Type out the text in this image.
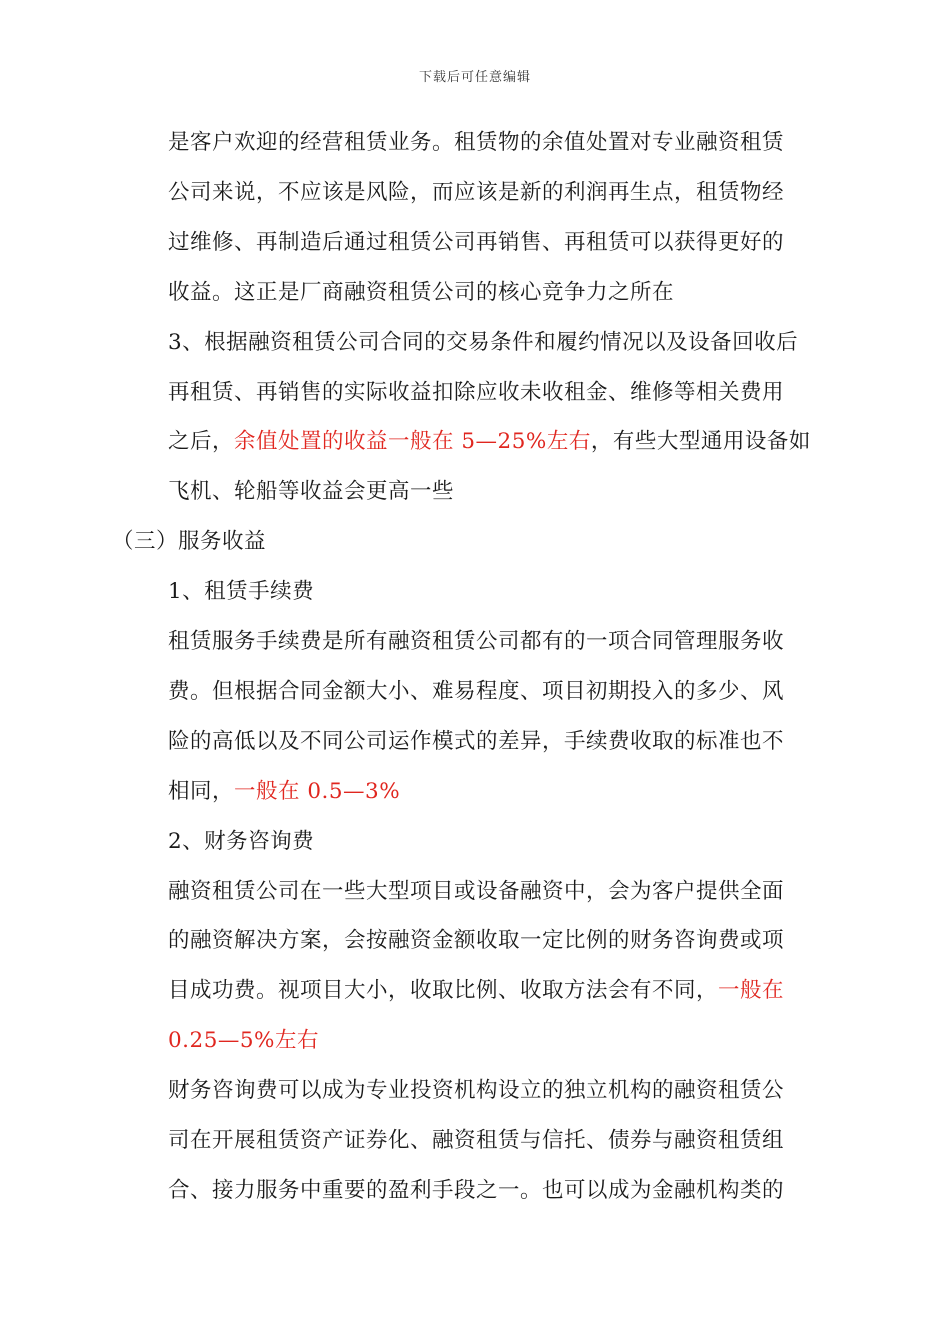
下载后可任意编辑
是客户欢迎的经营租赁业务。租赁物的余值处置对专业融资租赁
公司来说，不应该是风险，而应该是新的利润再生点，租赁物经
过维修、再制造后通过租赁公司再销售、再租赁可以获得更好的
收益。这正是厂商融资租赁公司的核心竞争力之所在
3、根据融资租赁公司合同的交易条件和履约情况以及设备回收后
再租赁、再销售的实际收益扣除应收未收租金、维修等相关费用
之后，余值处置的收益一般在 5—25%左右，有些大型通用设备如
飞机、轮船等收益会更高一些
（三）服务收益
1、租赁手续费
租赁服务手续费是所有融资租赁公司都有的一项合同管理服务收
费。但根据合同金额大小、难易程度、项目初期投入的多少、风
险的高低以及不同公司运作模式的差异，手续费收取的标准也不
相同，一般在 0.5—3%
2、财务咨询费
融资租赁公司在一些大型项目或设备融资中，会为客户提供全面
的融资解决方案，会按融资金额收取一定比例的财务咨询费或项
目成功费。视项目大小，收取比例、收取方法会有不同，一般在
0.25—5%左右
财务咨询费可以成为专业投资机构设立的独立机构的融资租赁公
司在开展租赁资产证券化、融资租赁与信托、债券与融资租赁组
合、接力服务中重要的盈利手段之一。也可以成为金融机构类的
